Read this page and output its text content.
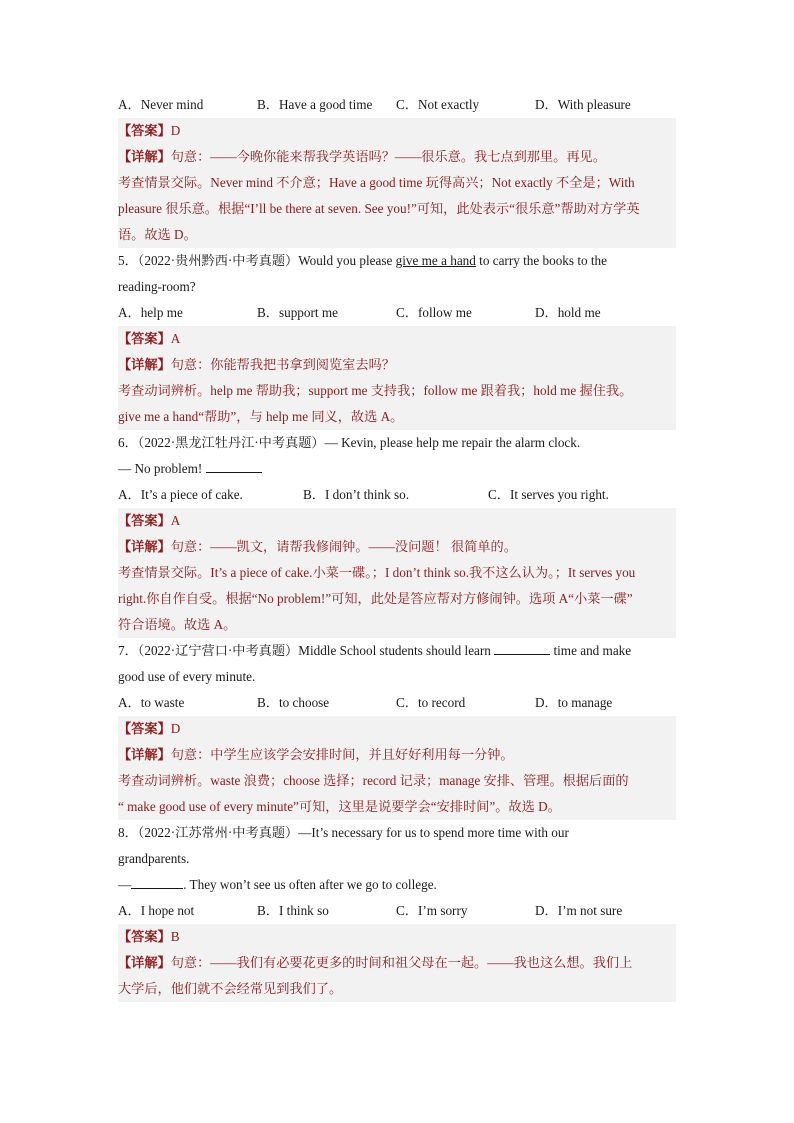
A．Never mind	B．Have a good time	C．Not exactly	D．With pleasure
【答案】D
【详解】句意：——今晚你能来帮我学英语吗？——很乐意。我七点到那里。再见。
考查情景交际。Never mind 不介意；Have a good time 玩得高兴；Not exactly 不全是；With
pleasure 很乐意。根据“I’ll be there at seven. See you!”可知，此处表示“很乐意”帮助对方学英
语。故选 D。
5．（2022·贵州黔西·中考真题）Would you please give me a hand to carry the books to the
reading-room?
A．help me	B．support me	C．follow me	D．hold me
【答案】A
【详解】句意：你能帮我把书拿到阅览室去吗？
考查动词辨析。help me 帮助我；support me 支持我；follow me 跟着我；hold me 握住我。
give me a hand“帮助”，与 help me 同义，故选 A。
6．（2022·黑龙江牡丹江·中考真题）— Kevin, please help me repair the alarm clock.
— No problem!
A．It’s a piece of cake.	B．I don’t think so.	C．It serves you right.
【答案】A
【详解】句意：——凯文，请帮我修闹钟。——没问题！ 很简单的。
考查情景交际。It’s a piece of cake.小菜一碟。；I don’t think so.我不这么认为。；It serves you
right.你自作自受。根据“No problem!”可知，此处是答应帮对方修闹钟。选项 A“小菜一碟”
符合语境。故选 A。
7．（2022·辽宁营口·中考真题）Middle School students should learn	time and make
good use of every minute.
A．to waste	B．to choose	C．to record	D．to manage
【答案】D
【详解】句意：中学生应该学会安排时间，并且好好利用每一分钟。
考查动词辨析。waste 浪费；choose 选择；record 记录；manage 安排、管理。根据后面的
“ make good use of every minute”可知，这里是说要学会“安排时间”。故选 D。
8．（2022·江苏常州·中考真题）—It’s necessary for us to spend more time with our
grandparents.
—	. They won’t see us often after we go to college.
A．I hope not	B．I think so	C．I’m sorry	D．I’m not sure
【答案】B
【详解】句意：——我们有必要花更多的时间和祖父母在一起。——我也这么想。我们上
大学后，他们就不会经常见到我们了。
